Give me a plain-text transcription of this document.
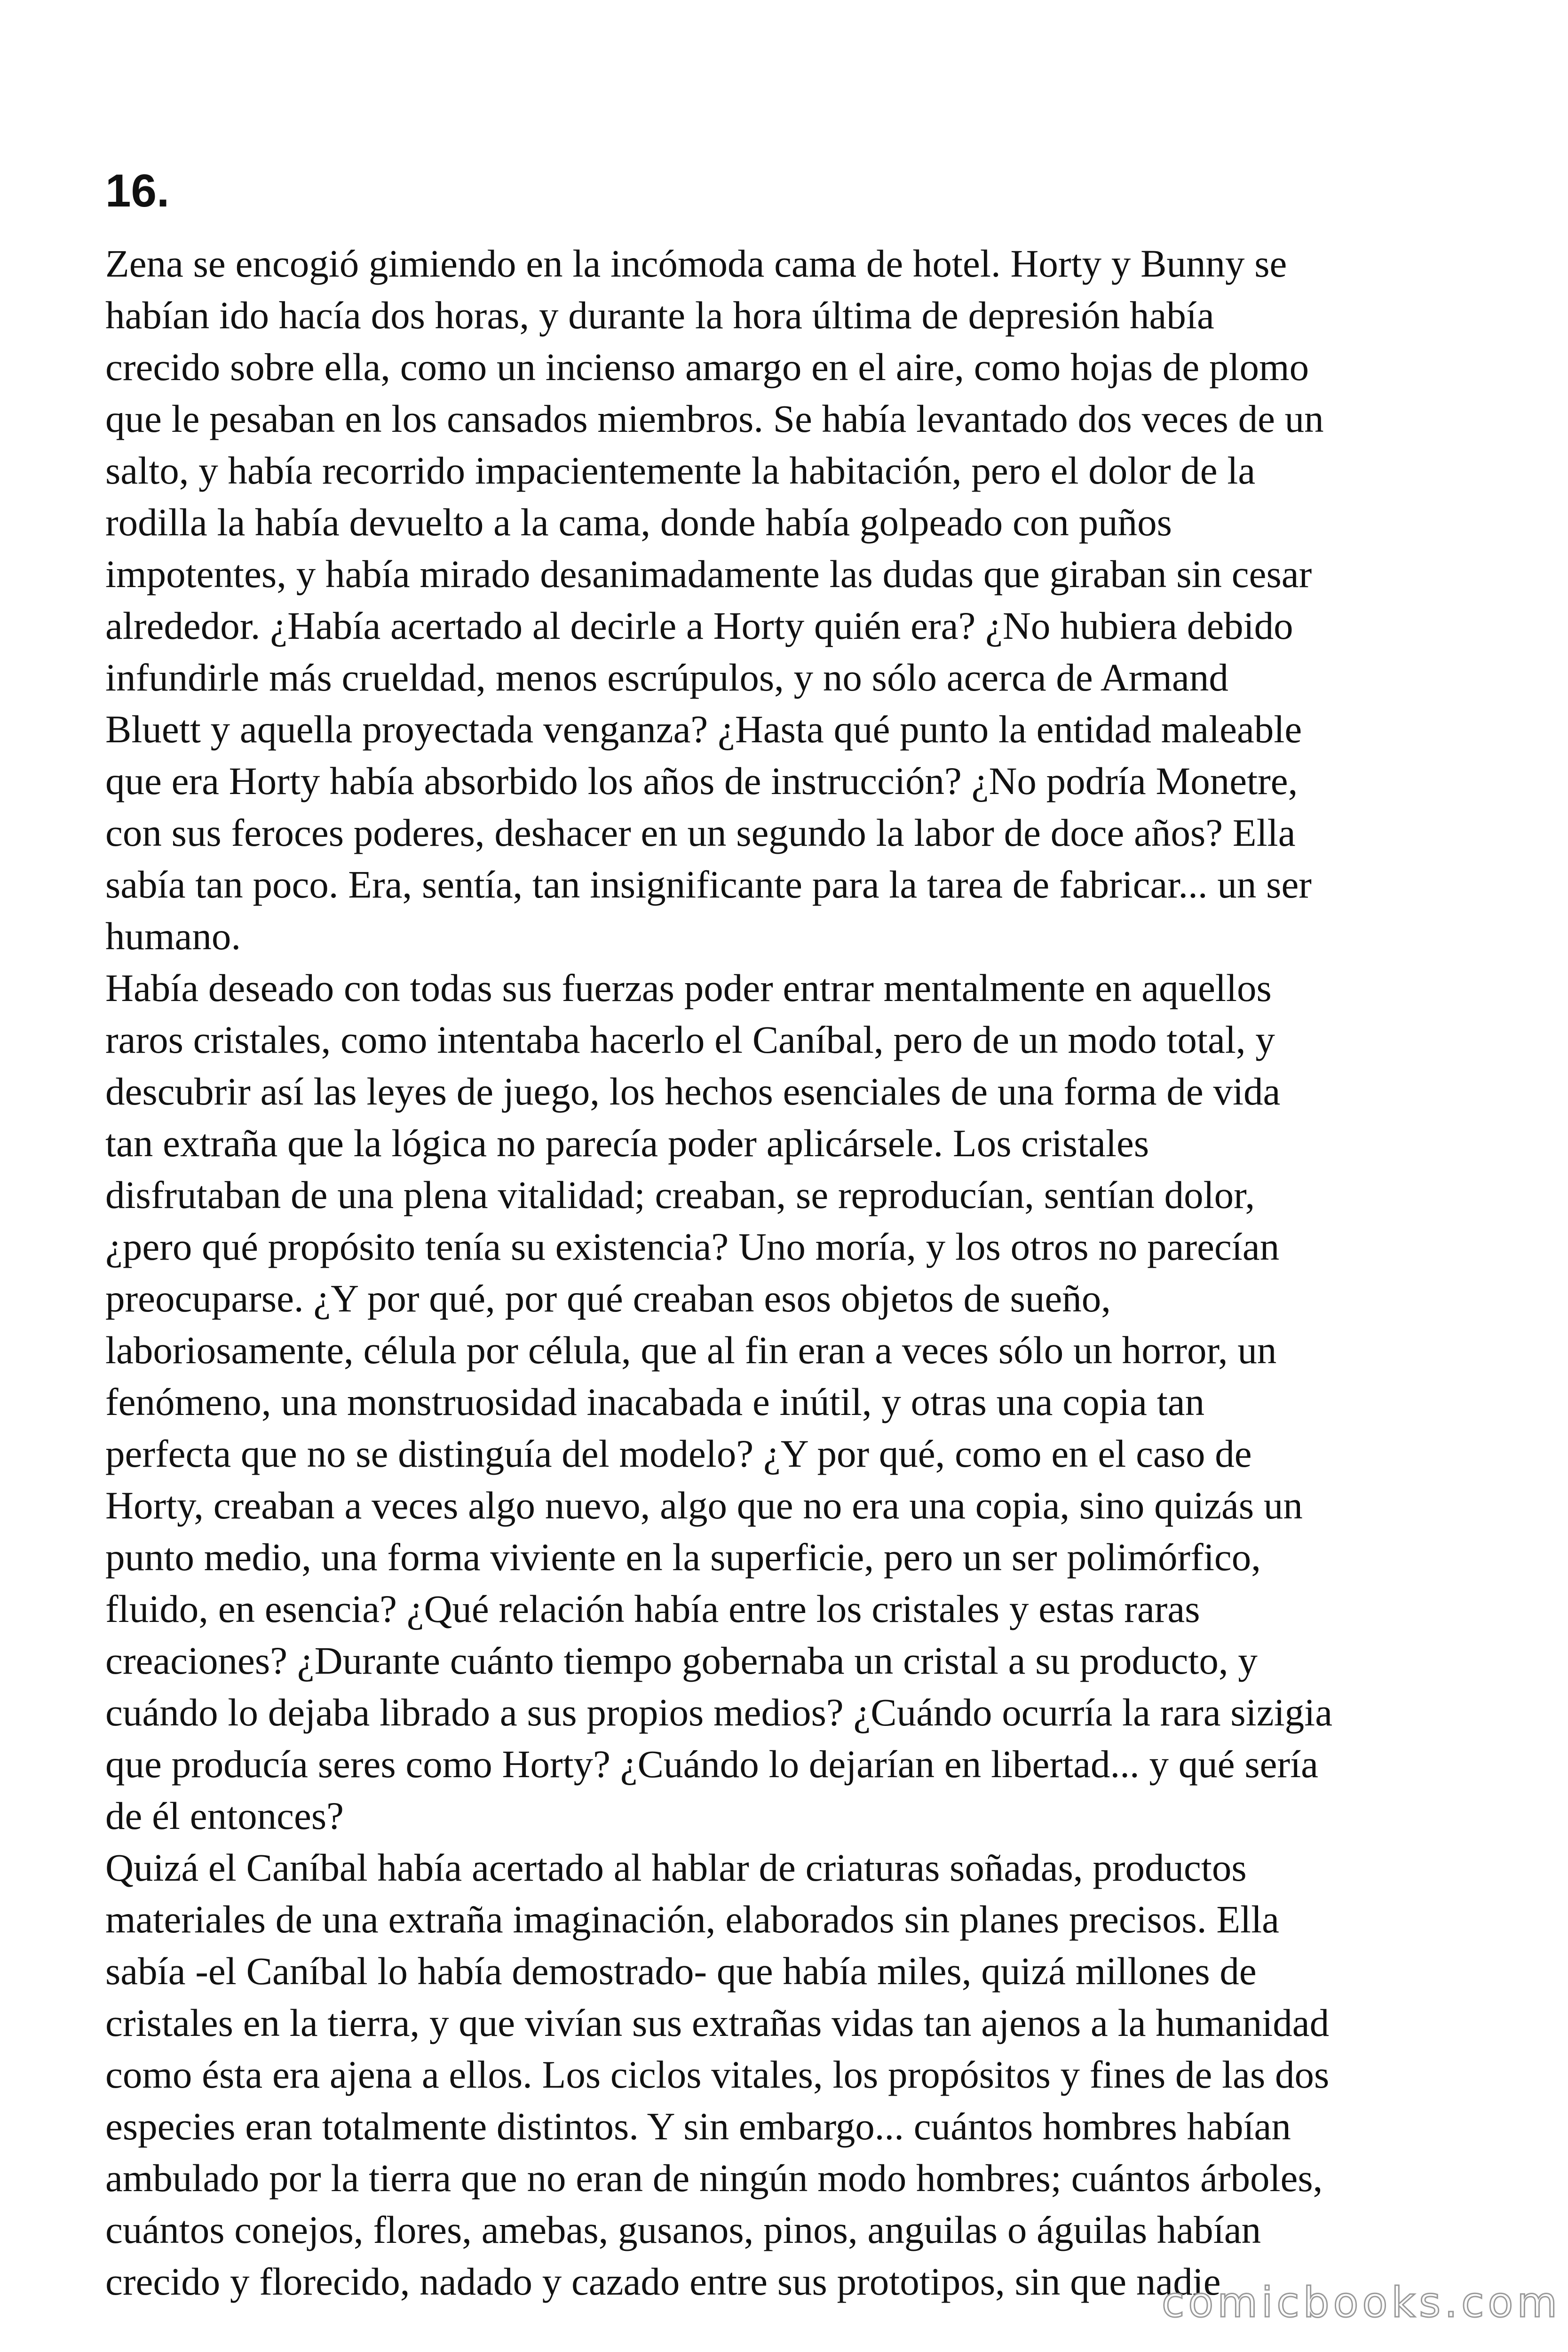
16.

Zena se encogió gimiendo en la incómoda cama de hotel. Horty y Bunny se
habían ido hacía dos horas, y durante la hora última de depresión había
crecido sobre ella, como un incienso amargo en el aire, como hojas de plomo
que le pesaban en los cansados miembros. Se había levantado dos veces de un
salto, y había recorrido impacientemente la habitación, pero el dolor de la
rodilla la había devuelto a la cama, donde había golpeado con puños
impotentes, y había mirado desanimadamente las dudas que giraban sin cesar
alrededor. ¿Había acertado al decirle a Horty quién era? ¿No hubiera debido
infundirle más crueldad, menos escrúpulos, y no sólo acerca de Armand
Bluett y aquella proyectada venganza? ¿Hasta qué punto la entidad maleable
que era Horty había absorbido los años de instrucción? ¿No podría Monetre,
con sus feroces poderes, deshacer en un segundo la labor de doce años? Ella
sabía tan poco. Era, sentía, tan insignificante para la tarea de fabricar... un ser
humano.

Había deseado con todas sus fuerzas poder entrar mentalmente en aquellos
raros cristales, como intentaba hacerlo el Caníbal, pero de un modo total, y
descubrir así las leyes de juego, los hechos esenciales de una forma de vida
tan extraña que la lógica no parecía poder aplicársele. Los cristales
disfrutaban de una plena vitalidad; creaban, se reproducían, sentían dolor,
¿pero qué propósito tenía su existencia? Uno moría, y los otros no parecían
preocuparse. ¿Y por qué, por qué creaban esos objetos de sueño,
laboriosamente, célula por célula, que al fin eran a veces sólo un horror, un
fenómeno, una monstruosidad inacabada e inútil, y otras una copia tan
perfecta que no se distinguía del modelo? ¿Y por qué, como en el caso de
Horty, creaban a veces algo nuevo, algo que no era una copia, sino quizás un
punto medio, una forma viviente en la superficie, pero un ser polimórfico,
fluido, en esencia? ¿Qué relación había entre los cristales y estas raras
creaciones? ¿Durante cuánto tiempo gobernaba un cristal a su producto, y
cuándo lo dejaba librado a sus propios medios? ¿Cuándo ocurría la rara sizigia
que producía seres como Horty? ¿Cuándo lo dejarían en libertad... y qué sería
de él entonces?

Quizá el Caníbal había acertado al hablar de criaturas soñadas, productos
materiales de una extraña imaginación, elaborados sin planes precisos. Ella
sabía -el Caníbal lo había demostrado- que había miles, quizá millones de
cristales en la tierra, y que vivían sus extrañas vidas tan ajenos a la humanidad
como ésta era ajena a ellos. Los ciclos vitales, los propósitos y fines de las dos
especies eran totalmente distintos. Y sin embargo... cuántos hombres habían
ambulado por la tierra que no eran de ningún modo hombres; cuántos árboles,
cuántos conejos, flores, amebas, gusanos, pinos, anguilas o águilas habían
crecido y florecido, nadado y cazado entre sus prototipos, sin que nadie

comicbooks.com
